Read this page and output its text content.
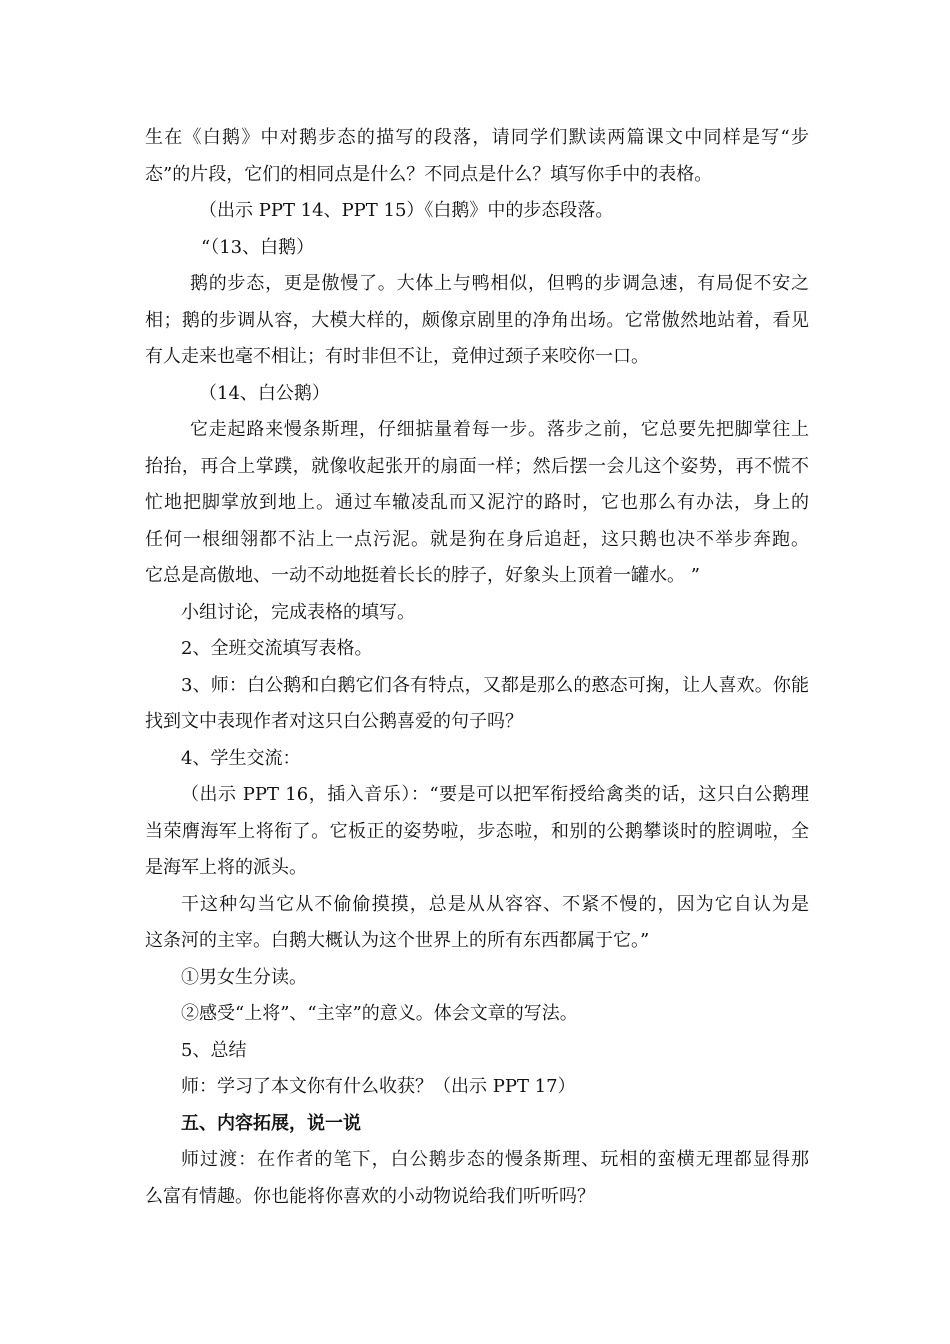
生在《白鹅》中对鹅步态的描写的段落，请同学们默读两篇课文中同样是写“步
态”的片段，它们的相同点是什么？不同点是什么？填写你手中的表格。
（出示 PPT 14、PPT 15）《白鹅》中的步态段落。
“（13、白鹅）
鹅的步态，更是傲慢了。大体上与鸭相似，但鸭的步调急速，有局促不安之
相；鹅的步调从容，大模大样的，颇像京剧里的净角出场。它常傲然地站着，看见
有人走来也毫不相让；有时非但不让，竟伸过颈子来咬你一口。
（14、白公鹅）
它走起路来慢条斯理，仔细掂量着每一步。落步之前，它总要先把脚掌往上
抬抬，再合上掌蹼，就像收起张开的扇面一样；然后摆一会儿这个姿势，再不慌不
忙地把脚掌放到地上。通过车辙凌乱而又泥泞的路时，它也那么有办法，身上的
任何一根细翎都不沾上一点污泥。就是狗在身后追赶，这只鹅也决不举步奔跑。
它总是高傲地、一动不动地挺着长长的脖子，好象头上顶着一罐水。 ”
小组讨论，完成表格的填写。
2、全班交流填写表格。
3、师：白公鹅和白鹅它们各有特点，又都是那么的憨态可掬，让人喜欢。你能
找到文中表现作者对这只白公鹅喜爱的句子吗？
4、学生交流：
（出示 PPT 16，插入音乐）：“要是可以把军衔授给禽类的话，这只白公鹅理
当荣膺海军上将衔了。它板正的姿势啦，步态啦，和别的公鹅攀谈时的腔调啦，全
是海军上将的派头。
干这种勾当它从不偷偷摸摸，总是从从容容、不紧不慢的，因为它自认为是
这条河的主宰。白鹅大概认为这个世界上的所有东西都属于它。”
①男女生分读。
②感受“上将”、“主宰”的意义。体会文章的写法。
5、总结
师：学习了本文你有什么收获？（出示 PPT 17）
五、内容拓展，说一说
师过渡：在作者的笔下，白公鹅步态的慢条斯理、玩相的蛮横无理都显得那
么富有情趣。你也能将你喜欢的小动物说给我们听听吗？
